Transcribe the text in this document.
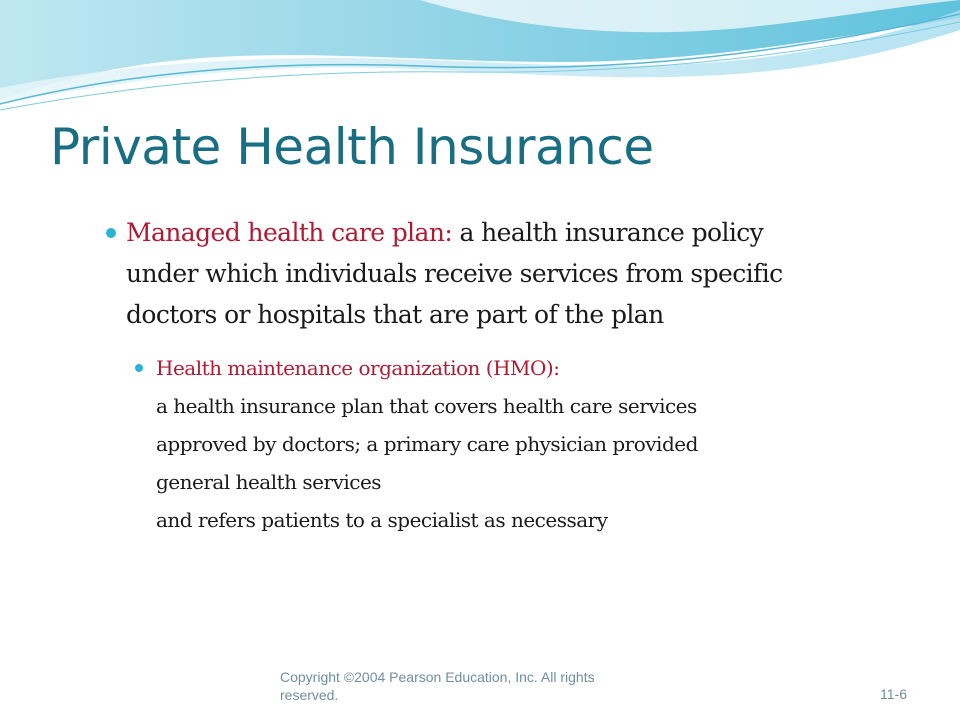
Private Health Insurance
Managed health care plan: a health insurance policy
under which individuals receive services from specific
doctors or hospitals that are part of the plan
Health maintenance organization (HMO):
a health insurance plan that covers health care services
approved by doctors; a primary care physician provided
general health services
and refers patients to a specialist as necessary
Copyright ©2004 Pearson Education, Inc. All rights reserved.	11-6
